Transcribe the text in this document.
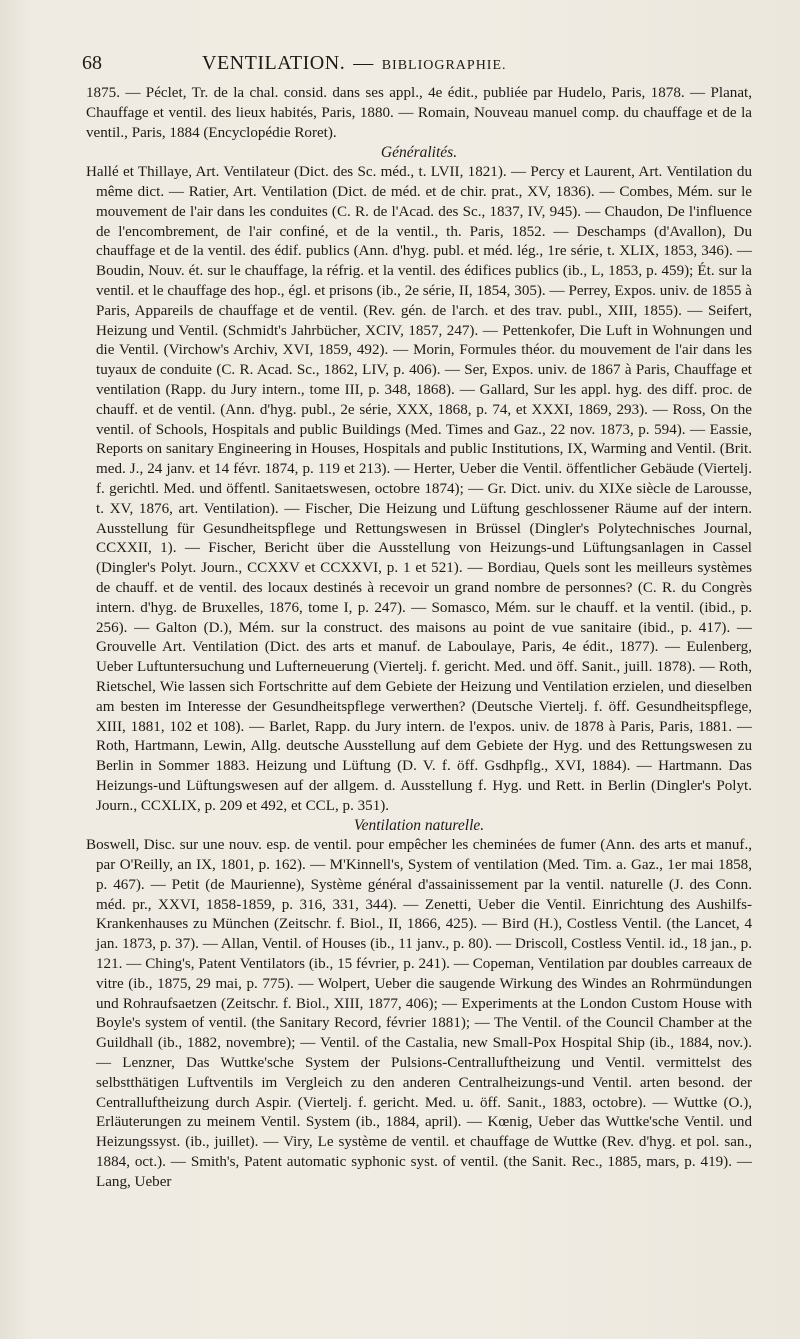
68	VENTILATION. — BIBLIOGRAPHIE.

1875. — Péclet, Tr. de la chal. consid. dans ses appl., 4e édit., publiée par Hudelo, Paris, 1878. — Planat, Chauffage et ventil. des lieux habités, Paris, 1880. — Romain, Nouveau manuel comp. du chauffage et de la ventil., Paris, 1884 (Encyclopédie Roret).

Généralités.

Hallé et Thillaye, Art. Ventilateur (Dict. des Sc. méd., t. LVII, 1821). — Percy et Laurent, Art. Ventilation du même dict. — Ratier, Art. Ventilation (Dict. de méd. et de chir. prat., XV, 1836). — Combes, Mém. sur le mouvement de l'air dans les conduites (C. R. de l'Acad. des Sc., 1837, IV, 945). — Chaudon, De l'influence de l'encombrement, de l'air confiné, et de la ventil., th. Paris, 1852. — Deschamps (d'Avallon), Du chauffage et de la ventil. des édif. publics (Ann. d'hyg. publ. et méd. lég., 1re série, t. XLIX, 1853, 346). — Boudin, Nouv. ét. sur le chauffage, la réfrig. et la ventil. des édifices publics (ib., L, 1853, p. 459); Ét. sur la ventil. et le chauffage des hop., égl. et prisons (ib., 2e série, II, 1854, 305). — Perrey, Expos. univ. de 1855 à Paris, Appareils de chauffage et de ventil. (Rev. gén. de l'arch. et des trav. publ., XIII, 1855). — Seifert, Heizung und Ventil. (Schmidt's Jahrbücher, XCIV, 1857, 247). — Pettenkofer, Die Luft in Wohnungen und die Ventil. (Virchow's Archiv, XVI, 1859, 492). — Morin, Formules théor. du mouvement de l'air dans les tuyaux de conduite (C. R. Acad. Sc., 1862, LIV, p. 406). — Ser, Expos. univ. de 1867 à Paris, Chauffage et ventilation (Rapp. du Jury intern., tome III, p. 348, 1868). — Gallard, Sur les appl. hyg. des diff. proc. de chauff. et de ventil. (Ann. d'hyg. publ., 2e série, XXX, 1868, p. 74, et XXXI, 1869, 293). — Ross, On the ventil. of Schools, Hospitals and public Buildings (Med. Times and Gaz., 22 nov. 1873, p. 594). — Eassie, Reports on sanitary Engineering in Houses, Hospitals and public Institutions, IX, Warming and Ventil. (Brit. med. J., 24 janv. et 14 févr. 1874, p. 119 et 213). — Herter, Ueber die Ventil. öffentlicher Gebäude (Viertelj. f. gerichtl. Med. und öffentl. Sanitaetswesen, octobre 1874); — Gr. Dict. univ. du XIXe siècle de Larousse, t. XV, 1876, art. Ventilation). — Fischer, Die Heizung und Lüftung geschlossener Räume auf der intern. Ausstellung für Gesundheitspflege und Rettungswesen in Brüssel (Dingler's Polytechnisches Journal, CCXXII, 1). — Fischer, Bericht über die Ausstellung von Heizungs-und Lüftungsanlagen in Cassel (Dingler's Polyt. Journ., CCXXV et CCXXVI, p. 1 et 521). — Bordiau, Quels sont les meilleurs systèmes de chauff. et de ventil. des locaux destinés à recevoir un grand nombre de personnes? (C. R. du Congrès intern. d'hyg. de Bruxelles, 1876, tome I, p. 247). — Somasco, Mém. sur le chauff. et la ventil. (ibid., p. 256). — Galton (D.), Mém. sur la construct. des maisons au point de vue sanitaire (ibid., p. 417). — Grouvelle Art. Ventilation (Dict. des arts et manuf. de Laboulaye, Paris, 4e édit., 1877). — Eulenberg, Ueber Luftuntersuchung und Lufterneuerung (Viertelj. f. gericht. Med. und öff. Sanit., juill. 1878). — Roth, Rietschel, Wie lassen sich Fortschritte auf dem Gebiete der Heizung und Ventilation erzielen, und dieselben am besten im Interesse der Gesundheitspflege verwerthen? (Deutsche Viertelj. f. öff. Gesundheitspflege, XIII, 1881, 102 et 108). — Barlet, Rapp. du Jury intern. de l'expos. univ. de 1878 à Paris, Paris, 1881. — Roth, Hartmann, Lewin, Allg. deutsche Ausstellung auf dem Gebiete der Hyg. und des Rettungswesen zu Berlin in Sommer 1883. Heizung und Lüftung (D. V. f. öff. Gsdhpflg., XVI, 1884). — Hartmann. Das Heizungs-und Lüftungswesen auf der allgem. d. Ausstellung f. Hyg. und Rett. in Berlin (Dingler's Polyt. Journ., CCXLIX, p. 209 et 492, et CCL, p. 351).

Ventilation naturelle.

Boswell, Disc. sur une nouv. esp. de ventil. pour empêcher les cheminées de fumer (Ann. des arts et manuf., par O'Reilly, an IX, 1801, p. 162). — M'Kinnell's, System of ventilation (Med. Tim. a. Gaz., 1er mai 1858, p. 467). — Petit (de Maurienne), Système général d'assainissement par la ventil. naturelle (J. des Conn. méd. pr., XXVI, 1858-1859, p. 316, 331, 344). — Zenetti, Ueber die Ventil. Einrichtung des Aushilfs-Krankenhauses zu München (Zeitschr. f. Biol., II, 1866, 425). — Bird (H.), Costless Ventil. (the Lancet, 4 jan. 1873, p. 37). — Allan, Ventil. of Houses (ib., 11 janv., p. 80). — Driscoll, Costless Ventil. id., 18 jan., p. 121. — Ching's, Patent Ventilators (ib., 15 février, p. 241). — Copeman, Ventilation par doubles carreaux de vitre (ib., 1875, 29 mai, p. 775). — Wolpert, Ueber die saugende Wirkung des Windes an Rohrmündungen und Rohraufsaetzen (Zeitschr. f. Biol., XIII, 1877, 406); — Experiments at the London Custom House with Boyle's system of ventil. (the Sanitary Record, février 1881); — The Ventil. of the Council Chamber at the Guildhall (ib., 1882, novembre); — Ventil. of the Castalia, new Small-Pox Hospital Ship (ib., 1884, nov.). — Lenzner, Das Wuttke'sche System der Pulsions-Centralluftheizung und Ventil. vermittelst des selbstthätigen Luftventils im Vergleich zu den anderen Centralheizungs-und Ventil. arten besond. der Centralluftheizung durch Aspir. (Viertelj. f. gericht. Med. u. öff. Sanit., 1883, octobre). — Wuttke (O.), Erläuterungen zu meinem Ventil. System (ib., 1884, april). — Kœnig, Ueber das Wuttke'sche Ventil. und Heizungssyst. (ib., juillet). — Viry, Le système de ventil. et chauffage de Wuttke (Rev. d'hyg. et pol. san., 1884, oct.). — Smith's, Patent automatic syphonic syst. of ventil. (the Sanit. Rec., 1885, mars, p. 419). — Lang, Ueber
